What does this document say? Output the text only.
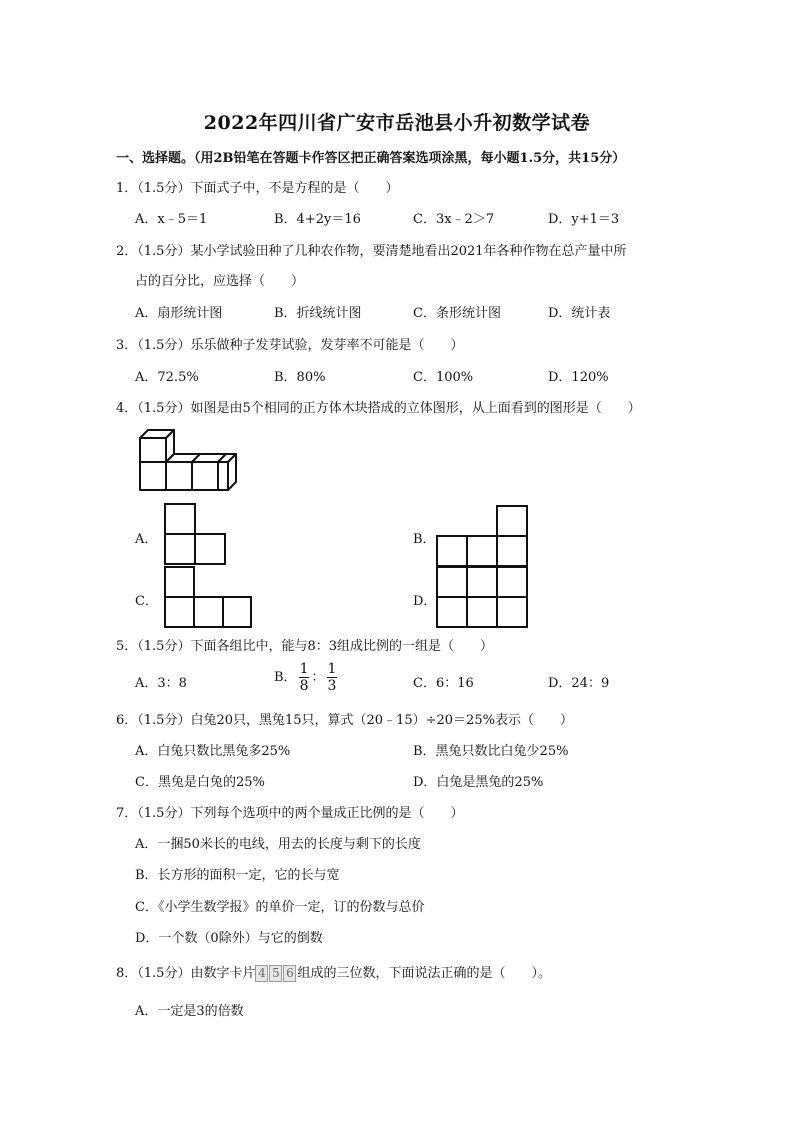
2022年四川省广安市岳池县小升初数学试卷
一、选择题。（用2B铅笔在答题卡作答区把正确答案选项涂黑，每小题1.5分，共15分）
1．（1.5分）下面式子中，不是方程的是（　　）
A．x﹣5＝1	B．4+2y＝16	C．3x﹣2＞7	D．y+1＝3
2．（1.5分）某小学试验田种了几种农作物，要清楚地看出2021年各种作物在总产量中所
占的百分比，应选择（　　）
A．扇形统计图	B．折线统计图	C．条形统计图	D．统计表
3．（1.5分）乐乐做种子发芽试验，发芽率不可能是（　　）
A．72.5%	B．80%	C．100%	D．120%
4．（1.5分）如图是由5个相同的正方体木块搭成的立体图形，从上面看到的图形是（　　）
A．	B．
C．	D．
5．（1.5分）下面各组比中，能与8：3组成比例的一组是（　　）
A．3：8	B． $\frac{1}{8}$ ： $\frac{1}{3}$	C．6：16	D．24：9
6．（1.5分）白兔20只，黑兔15只，算式（20﹣15）÷20＝25%表示（　　）
A．白兔只数比黑兔多25%	B．黑兔只数比白兔少25%
C．黑兔是白兔的25%	D．白兔是黑兔的25%
7．（1.5分）下列每个选项中的两个量成正比例的是（　　）
A．一捆50米长的电线，用去的长度与剩下的长度
B．长方形的面积一定，它的长与宽
C．《小学生数学报》的单价一定，订的份数与总价
D．一个数（0除外）与它的倒数
8．（1.5分）由数字卡片 4 5 6 组成的三位数，下面说法正确的是（　　）。
A．一定是3的倍数
